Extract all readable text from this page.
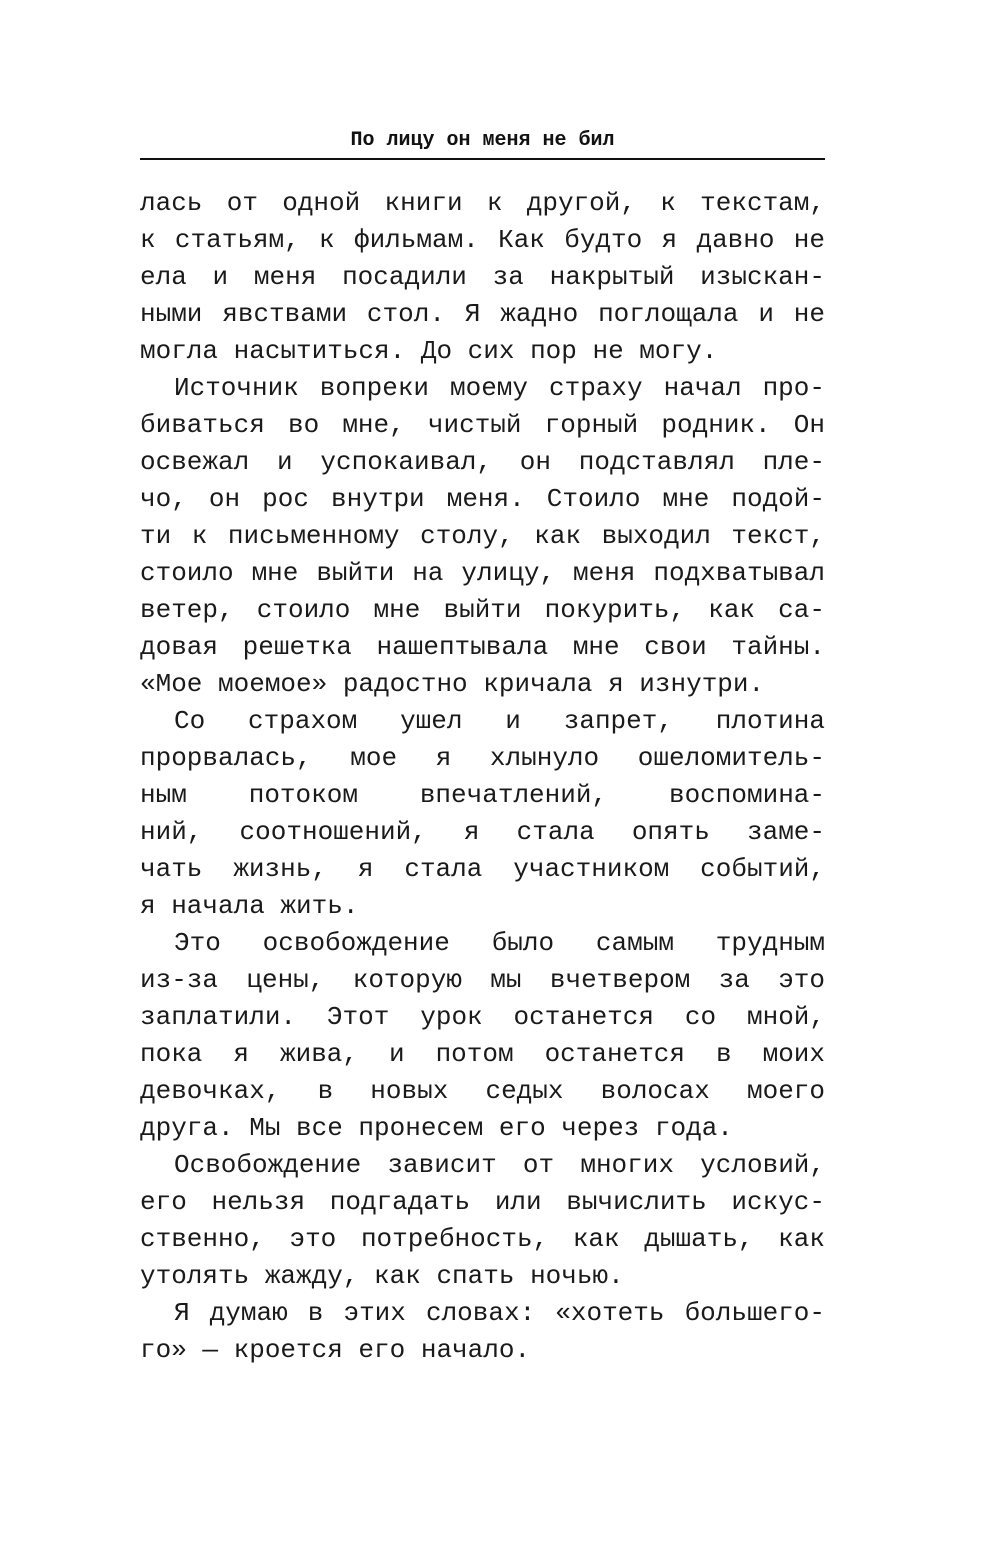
По лицу он меня не бил
лась от одной книги к другой, к текстам,
к статьям, к фильмам. Как будто я давно не
ела и меня посадили за накрытый изыскан-
ными явствами стол. Я жадно поглощала и не
могла насытиться. До сих пор не могу.
Источник вопреки моему страху начал про-
биваться во мне, чистый горный родник. Он
освежал и успокаивал, он подставлял пле-
чо, он рос внутри меня. Стоило мне подой-
ти к письменному столу, как выходил текст,
стоило мне выйти на улицу, меня подхватывал
ветер, стоило мне выйти покурить, как са-
довая решетка нашептывала мне свои тайны.
«Мое моемое» радостно кричала я изнутри.
Со страхом ушел и запрет, плотина
прорвалась, мое я хлынуло ошеломитель-
ным потоком впечатлений, воспомина-
ний, соотношений, я стала опять заме-
чать жизнь, я стала участником событий,
я начала жить.
Это освобождение было самым трудным
из-за цены, которую мы вчетвером за это
заплатили. Этот урок останется со мной,
пока я жива, и потом останется в моих
девочках, в новых седых волосах моего
друга. Мы все пронесем его через года.
Освобождение зависит от многих условий,
его нельзя подгадать или вычислить искус-
ственно, это потребность, как дышать, как
утолять жажду, как спать ночью.
Я думаю в этих словах: «хотеть большего-
го» — кроется его начало.
